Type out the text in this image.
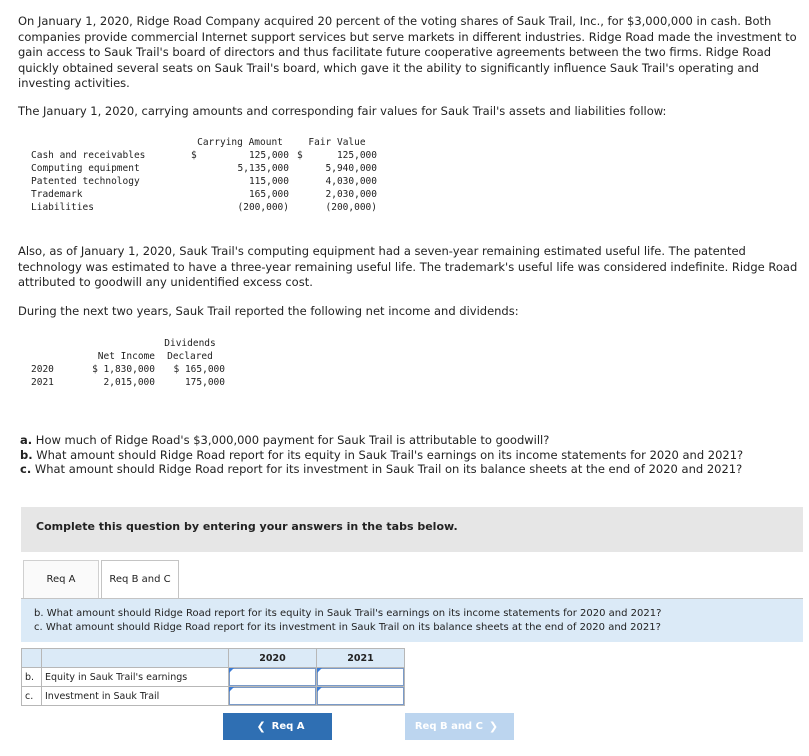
On January 1, 2020, Ridge Road Company acquired 20 percent of the voting shares of Sauk Trail, Inc., for $3,000,000 in cash. Both companies provide commercial Internet support services but serve markets in different industries. Ridge Road made the investment to gain access to Sauk Trail's board of directors and thus facilitate future cooperative agreements between the two firms. Ridge Road quickly obtained several seats on Sauk Trail's board, which gave it the ability to significantly influence Sauk Trail's operating and investing activities.
The January 1, 2020, carrying amounts and corresponding fair values for Sauk Trail's assets and liabilities follow:
	Carrying Amount			Fair Value	
Cash and receivables	$	125,000		$	125,000
Computing equipment		5,135,000			5,940,000
Patented technology		115,000			4,030,000
Trademark		165,000			2,030,000
Liabilities		(200,000)			(200,000)
Also, as of January 1, 2020, Sauk Trail's computing equipment had a seven-year remaining estimated useful life. The patented technology was estimated to have a three-year remaining useful life. The trademark's useful life was considered indefinite. Ridge Road attributed to goodwill any unidentified excess cost.
During the next two years, Sauk Trail reported the following net income and dividends:
		Dividends
	Net Income	Declared
2020	$ 1,830,000	$ 165,000
2021	2,015,000	175,000
a. How much of Ridge Road's $3,000,000 payment for Sauk Trail is attributable to goodwill?
b. What amount should Ridge Road report for its equity in Sauk Trail's earnings on its income statements for 2020 and 2021?
c. What amount should Ridge Road report for its investment in Sauk Trail on its balance sheets at the end of 2020 and 2021?
Complete this question by entering your answers in the tabs below.
Req A	Req B and C
b. What amount should Ridge Road report for its equity in Sauk Trail's earnings on its income statements for 2020 and 2021?
c. What amount should Ridge Road report for its investment in Sauk Trail on its balance sheets at the end of 2020 and 2021?
		2020	2021
b.	Equity in Sauk Trail's earnings	

c.	Investment in Sauk Trail	

❮ Req A	Req B and C ❯
